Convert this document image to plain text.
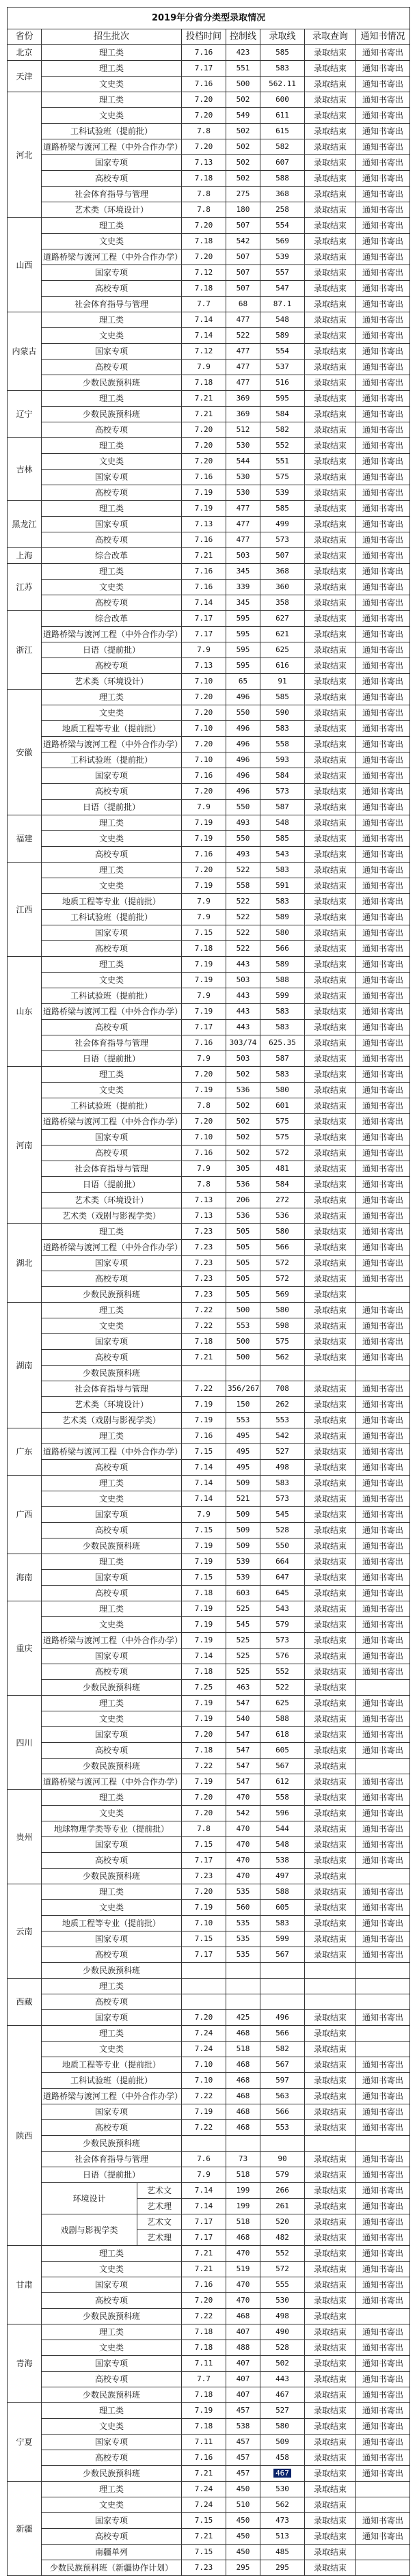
2019年分省分类型录取情况							
省份	招生批次		投档时间	控制线	录取线	录取查询	通知书情况
北京	理工类		7.16	423	585	录取结束	通知书寄出
天津	理工类		7.17	551	583	录取结束	通知书寄出
	文史类		7.16	500	562.11	录取结束	通知书寄出
河北	理工类		7.20	502	600	录取结束	通知书寄出
	文史类		7.20	549	611	录取结束	通知书寄出
	工科试验班（提前批）		7.8	502	615	录取结束	通知书寄出
	道路桥梁与渡河工程（中外合作办学）		7.20	502	582	录取结束	通知书寄出
	国家专项		7.13	502	607	录取结束	通知书寄出
	高校专项		7.18	502	588	录取结束	通知书寄出
	社会体育指导与管理		7.8	275	368	录取结束	通知书寄出
	艺术类（环境设计）		7.8	180	258	录取结束	通知书寄出
山西	理工类		7.20	507	554	录取结束	通知书寄出
	文史类		7.18	542	569	录取结束	通知书寄出
	道路桥梁与渡河工程（中外合作办学）		7.20	507	539	录取结束	通知书寄出
	国家专项		7.12	507	557	录取结束	通知书寄出
	高校专项		7.18	507	547	录取结束	通知书寄出
	社会体育指导与管理		7.7	68	87.1	录取结束	通知书寄出
内蒙古	理工类		7.14	477	548	录取结束	通知书寄出
	文史类		7.14	522	589	录取结束	通知书寄出
	国家专项		7.12	477	554	录取结束	通知书寄出
	高校专项		7.9	477	537	录取结束	通知书寄出
	少数民族预科班		7.18	477	516	录取结束	通知书寄出
辽宁	理工类		7.21	369	595	录取结束	通知书寄出
	少数民族预科班		7.21	369	584	录取结束	通知书寄出
	高校专项		7.20	512	582	录取结束	通知书寄出
吉林	理工类		7.20	530	552	录取结束	通知书寄出
	文史类		7.20	544	551	录取结束	通知书寄出
	国家专项		7.16	530	575	录取结束	通知书寄出
	高校专项		7.19	530	539	录取结束	通知书寄出
黑龙江	理工类		7.19	477	585	录取结束	通知书寄出
	国家专项		7.13	477	499	录取结束	通知书寄出
	高校专项		7.16	477	573	录取结束	通知书寄出
上海	综合改革		7.21	503	507	录取结束	通知书寄出
江苏	理工类		7.16	345	368	录取结束	通知书寄出
	文史类		7.16	339	360	录取结束	通知书寄出
	高校专项		7.14	345	358	录取结束	通知书寄出
浙江	综合改革		7.17	595	627	录取结束	通知书寄出
	道路桥梁与渡河工程（中外合作办学）		7.17	595	621	录取结束	通知书寄出
	日语（提前批）		7.9	595	625	录取结束	通知书寄出
	高校专项		7.13	595	616	录取结束	通知书寄出
	艺术类（环境设计）		7.10	65	91	录取结束	通知书寄出
安徽	理工类		7.20	496	585	录取结束	通知书寄出
	文史类		7.20	550	590	录取结束	通知书寄出
	地质工程等专业（提前批）		7.10	496	583	录取结束	通知书寄出
	道路桥梁与渡河工程（中外合作办学）		7.20	496	558	录取结束	通知书寄出
	工科试验班（提前批）		7.10	496	593	录取结束	通知书寄出
	国家专项		7.16	496	584	录取结束	通知书寄出
	高校专项		7.20	496	573	录取结束	通知书寄出
	日语（提前批）		7.9	550	587	录取结束	通知书寄出
福建	理工类		7.19	493	548	录取结束	通知书寄出
	文史类		7.19	550	585	录取结束	通知书寄出
	高校专项		7.16	493	543	录取结束	通知书寄出
江西	理工类		7.20	522	583	录取结束	通知书寄出
	文史类		7.19	558	591	录取结束	通知书寄出
	地质工程等专业（提前批）		7.9	522	583	录取结束	通知书寄出
	工科试验班（提前批）		7.9	522	589	录取结束	通知书寄出
	国家专项		7.15	522	580	录取结束	通知书寄出
	高校专项		7.18	522	566	录取结束	通知书寄出
山东	理工类		7.19	443	589	录取结束	通知书寄出
	文史类		7.19	503	588	录取结束	通知书寄出
	工科试验班（提前批）		7.9	443	599	录取结束	通知书寄出
	道路桥梁与渡河工程（中外合作办学）		7.19	443	583	录取结束	通知书寄出
	高校专项		7.17	443	583	录取结束	通知书寄出
	社会体育指导与管理		7.16	303/74	625.35	录取结束	通知书寄出
	日语（提前批）		7.9	503	587	录取结束	通知书寄出
河南	理工类		7.20	502	583	录取结束	通知书寄出
	文史类		7.19	536	580	录取结束	通知书寄出
	工科试验班（提前批）		7.8	502	601	录取结束	通知书寄出
	道路桥梁与渡河工程（中外合作办学）		7.20	502	575	录取结束	通知书寄出
	国家专项		7.10	502	575	录取结束	通知书寄出
	高校专项		7.16	502	572	录取结束	通知书寄出
	社会体育指导与管理		7.9	305	481	录取结束	通知书寄出
	日语（提前批）		7.8	536	584	录取结束	通知书寄出
	艺术类（环境设计）		7.13	206	272	录取结束	通知书寄出
	艺术类（戏剧与影视学类）		7.13	536	536	录取结束	通知书寄出
湖北	理工类		7.23	505	580	录取结束	通知书寄出
	道路桥梁与渡河工程（中外合作办学）		7.23	505	566	录取结束	通知书寄出
	国家专项		7.23	505	572	录取结束	通知书寄出
	高校专项		7.23	505	572	录取结束	通知书寄出
	少数民族预科班		7.23	505	569	录取结束	
湖南	理工类		7.22	500	580	录取结束	通知书寄出
	文史类		7.22	553	598	录取结束	通知书寄出
	国家专项		7.18	500	575	录取结束	通知书寄出
	高校专项		7.21	500	562	录取结束	通知书寄出
	少数民族预科班						
	社会体育指导与管理		7.22	356/267	708	录取结束	通知书寄出
	艺术类（环境设计）		7.19	150	262	录取结束	通知书寄出
	艺术类（戏剧与影视学类）		7.19	553	553	录取结束	通知书寄出
广东	理工类		7.16	495	542	录取结束	通知书寄出
	道路桥梁与渡河工程（中外合作办学）		7.15	495	527	录取结束	通知书寄出
	高校专项		7.14	495	498	录取结束	通知书寄出
广西	理工类		7.14	509	583	录取结束	通知书寄出
	文史类		7.14	521	573	录取结束	通知书寄出
	国家专项		7.9	509	545	录取结束	通知书寄出
	高校专项		7.15	509	528	录取结束	通知书寄出
	少数民族预科班		7.19	509	550	录取结束	通知书寄出
海南	理工类		7.19	539	664	录取结束	通知书寄出
	国家专项		7.15	539	647	录取结束	通知书寄出
	高校专项		7.18	603	645	录取结束	通知书寄出
重庆	理工类		7.19	525	543	录取结束	通知书寄出
	文史类		7.19	545	579	录取结束	通知书寄出
	道路桥梁与渡河工程（中外合作办学）		7.19	525	573	录取结束	通知书寄出
	国家专项		7.14	525	576	录取结束	通知书寄出
	高校专项		7.18	525	552	录取结束	通知书寄出
	少数民族预科班		7.25	463	522	录取结束	
四川	理工类		7.19	547	625	录取结束	通知书寄出
	文史类		7.19	540	588	录取结束	通知书寄出
	国家专项		7.20	547	618	录取结束	通知书寄出
	高校专项		7.18	547	605	录取结束	通知书寄出
	少数民族预科班		7.22	547	567	录取结束	
	道路桥梁与渡河工程（中外合作办学）		7.19	547	612	录取结束	通知书寄出
贵州	理工类		7.20	470	558	录取结束	通知书寄出
	文史类		7.20	542	596	录取结束	通知书寄出
	地球物理学类等专业（提前批）		7.8	470	544	录取结束	通知书寄出
	国家专项		7.15	470	548	录取结束	通知书寄出
	高校专项		7.17	470	538	录取结束	通知书寄出
	少数民族预科班		7.23	470	497	录取结束	
云南	理工类		7.20	535	588	录取结束	通知书寄出
	文史类		7.19	560	605	录取结束	通知书寄出
	地质工程等专业（提前批）		7.10	535	583	录取结束	通知书寄出
	国家专项		7.15	535	599	录取结束	通知书寄出
	高校专项		7.17	535	567	录取结束	通知书寄出
	少数民族预科班						
西藏	理工类						
	高校专项						
	国家专项		7.20	425	496	录取结束	通知书寄出
陕西	理工类		7.24	468	566	录取结束	
	文史类		7.24	518	582	录取结束	
	地质工程等专业（提前批）		7.10	468	567	录取结束	通知书寄出
	工科试验班（提前批）		7.10	468	597	录取结束	通知书寄出
	道路桥梁与渡河工程（中外合作办学）		7.22	468	563	录取结束	通知书寄出
	国家专项		7.19	468	566	录取结束	通知书寄出
	高校专项		7.22	468	553	录取结束	通知书寄出
	少数民族预科班						
	社会体育指导与管理		7.6	73	90	录取结束	通知书寄出
	日语（提前批）		7.9	518	579	录取结束	通知书寄出
	环境设计	艺术文	7.14	199	266	录取结束	通知书寄出
		艺术理	7.14	199	261	录取结束	通知书寄出
	戏剧与影视学类	艺术文	7.17	518	520	录取结束	通知书寄出
		艺术理	7.17	468	482	录取结束	通知书寄出
甘肃	理工类		7.21	470	552	录取结束	通知书寄出
	文史类		7.21	519	572	录取结束	通知书寄出
	国家专项		7.16	470	555	录取结束	通知书寄出
	高校专项		7.20	470	530	录取结束	通知书寄出
	少数民族预科班		7.22	468	498	录取结束	
青海	理工类		7.18	407	490	录取结束	通知书寄出
	文史类		7.18	488	528	录取结束	通知书寄出
	国家专项		7.11	407	502	录取结束	通知书寄出
	高校专项		7.7	407	443	录取结束	通知书寄出
	少数民族预科班		7.18	407	467	录取结束	通知书寄出
宁夏	理工类		7.19	457	527	录取结束	通知书寄出
	文史类		7.18	538	580	录取结束	通知书寄出
	国家专项		7.11	457	509	录取结束	通知书寄出
	高校专项		7.16	457	458	录取结束	通知书寄出
	少数民族预科班		7.21	457	467	录取结束	通知书寄出
新疆	理工类		7.24	450	530	录取结束	
	文史类		7.24	510	562	录取结束	
	国家专项		7.15	450	473	录取结束	通知书寄出
	高校专项		7.21	450	513	录取结束	通知书寄出
	南疆单列		7.15	450	485	录取结束	
	少数民族预科班（新疆协作计划）		7.23	295	295	录取结束	
